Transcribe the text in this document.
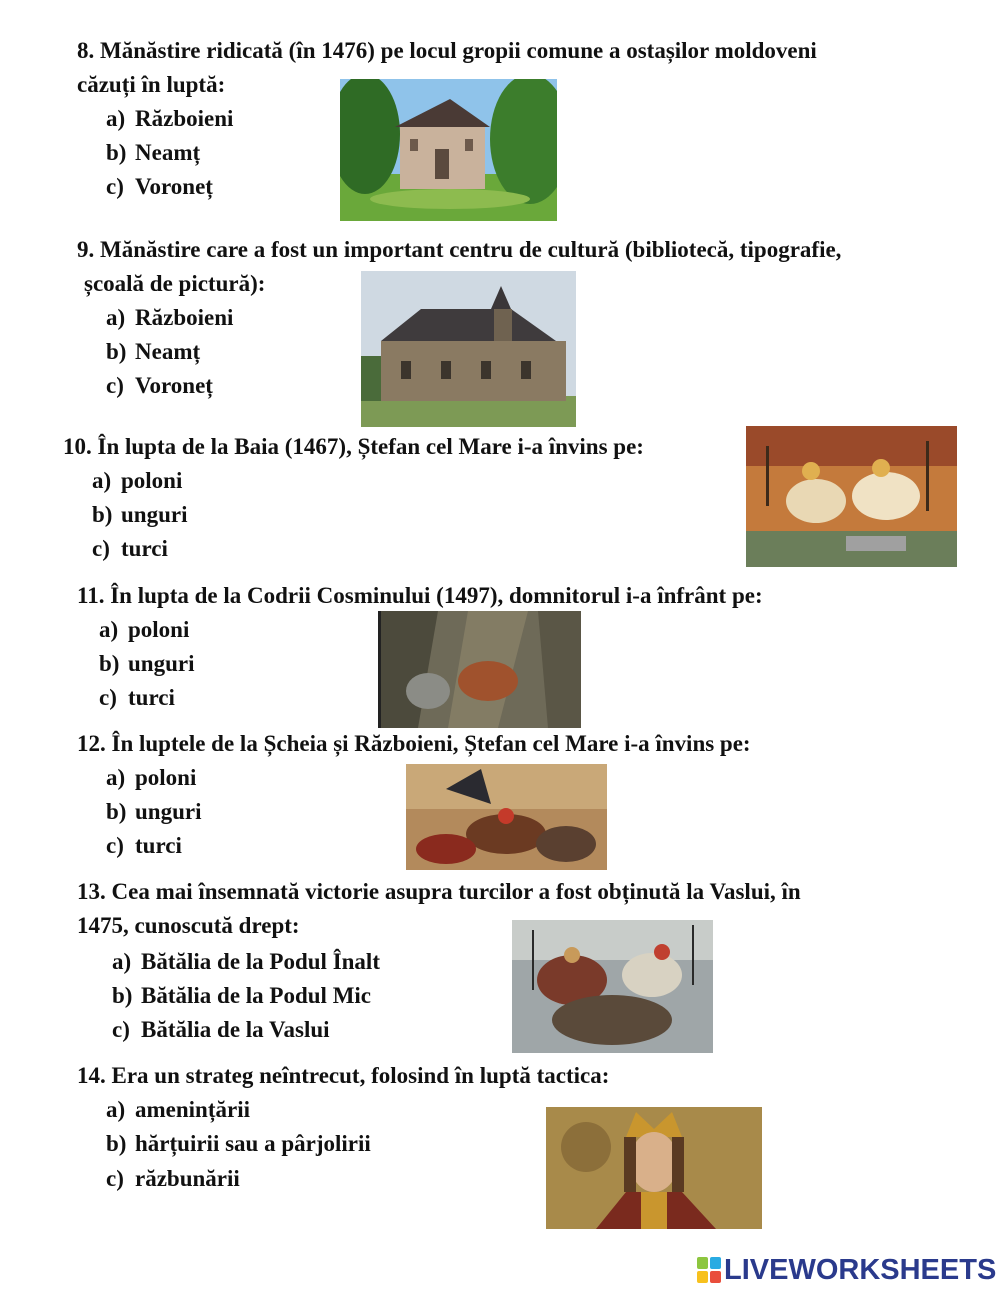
8. Mănăstire ridicată (în 1476) pe locul gropii comune a ostașilor moldoveni
căzuți în luptă:
a) Războieni
b) Neamț
c) Voroneț
9. Mănăstire care a fost un important centru de cultură (bibliotecă, tipografie,
școală de pictură):
a) Războieni
b) Neamț
c) Voroneț
10. În lupta de la Baia (1467), Ștefan cel Mare i-a învins pe:
a) poloni
b) unguri
c) turci
11. În lupta de la Codrii Cosminului (1497), domnitorul i-a înfrânt pe:
a) poloni
b) unguri
c) turci
12. În luptele de la Șcheia și Războieni, Ștefan cel Mare i-a învins pe:
a) poloni
b) unguri
c) turci
13. Cea mai însemnată victorie asupra turcilor a fost obținută la Vaslui, în
1475, cunoscută drept:
a) Bătălia de la Podul Înalt
b) Bătălia de la Podul Mic
c) Bătălia de la Vaslui
14. Era un strateg neîntrecut, folosind în luptă tactica:
a) amenințării
b) hărțuirii sau a pârjolirii
c) răzbunării
LIVEWORKSHEETS
